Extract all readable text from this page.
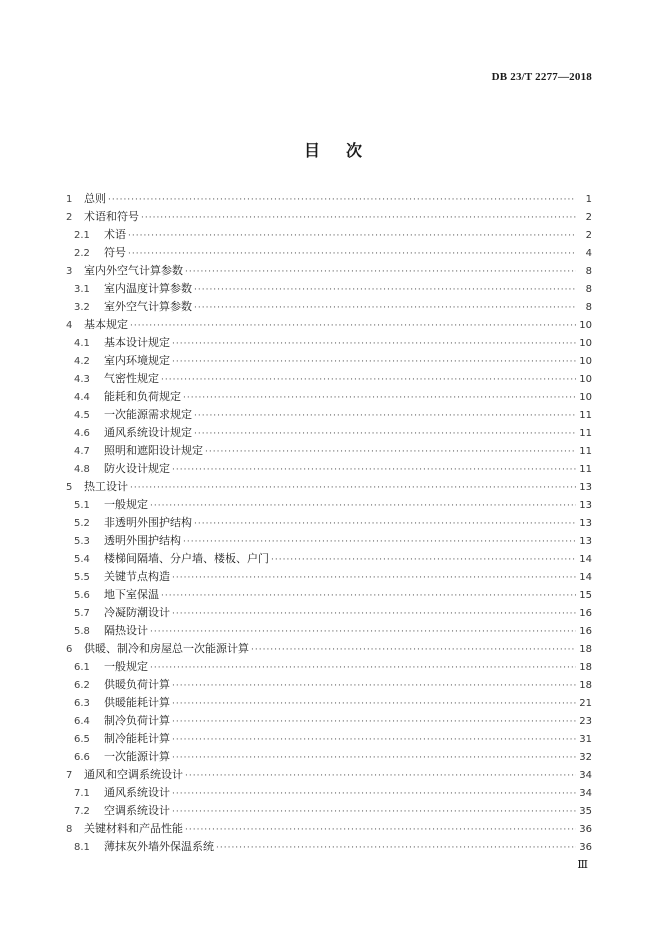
DB 23/T 2277—2018
目 次
1	总则 ·····	1
2	术语和符号 ·····	2
2.1	术语 ·····	2
2.2	符号 ·····	4
3	室内外空气计算参数 ·····	8
3.1	室内温度计算参数 ·····	8
3.2	室外空气计算参数 ·····	8
4	基本规定 ·····	10
4.1	基本设计规定 ·····	10
4.2	室内环境规定 ·····	10
4.3	气密性规定 ·····	10
4.4	能耗和负荷规定 ·····	10
4.5	一次能源需求规定 ·····	11
4.6	通风系统设计规定 ·····	11
4.7	照明和遮阳设计规定 ·····	11
4.8	防火设计规定 ·····	11
5	热工设计 ·····	13
5.1	一般规定 ·····	13
5.2	非透明外围护结构 ·····	13
5.3	透明外围护结构 ·····	13
5.4	楼梯间隔墙、分户墙、楼板、户门 ·····	14
5.5	关键节点构造 ·····	14
5.6	地下室保温 ·····	15
5.7	冷凝防潮设计 ·····	16
5.8	隔热设计 ·····	16
6	供暖、制冷和房屋总一次能源计算 ·····	18
6.1	一般规定 ·····	18
6.2	供暖负荷计算 ·····	18
6.3	供暖能耗计算 ·····	21
6.4	制冷负荷计算 ·····	23
6.5	制冷能耗计算 ·····	31
6.6	一次能源计算 ·····	32
7	通风和空调系统设计 ·····	34
7.1	通风系统设计 ·····	34
7.2	空调系统设计 ·····	35
8	关键材料和产品性能 ·····	36
8.1	薄抹灰外墙外保温系统 ·····	36
Ⅲ
